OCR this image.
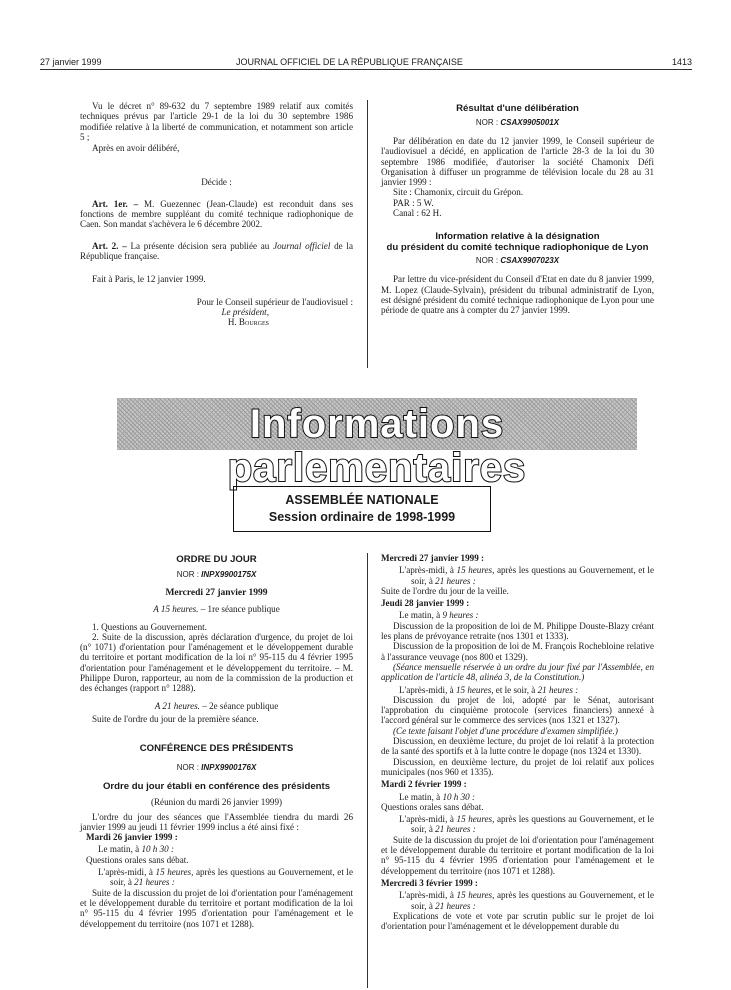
27 janvier 1999	JOURNAL OFFICIEL DE LA RÉPUBLIQUE FRANÇAISE	1413

Vu le décret n° 89-632 du 7 septembre 1989 relatif aux comités techniques prévus par l'article 29-1 de la loi du 30 septembre 1986 modifiée relative à la liberté de communication, et notamment son article 5 ;

Après en avoir délibéré,

Décide :

Art. 1er. – M. Guezennec (Jean-Claude) est reconduit dans ses fonctions de membre suppléant du comité technique radiophonique de Caen. Son mandat s'achèvera le 6 décembre 2002.

Art. 2. – La présente décision sera publiée au Journal officiel de la République française.

Fait à Paris, le 12 janvier 1999.

Pour le Conseil supérieur de l'audiovisuel :

Le président,

H. Bourges

Résultat d'une délibération

NOR : CSAX9905001X

Par délibération en date du 12 janvier 1999, le Conseil supérieur de l'audiovisuel a décidé, en application de l'article 28-3 de la loi du 30 septembre 1986 modifiée, d'autoriser la société Chamonix Défi Organisation à diffuser un programme de télévision locale du 28 au 31 janvier 1999 :

Site : Chamonix, circuit du Grépon.

PAR : 5 W.

Canal : 62 H.

Information relative à la désignation

du président du comité technique radiophonique de Lyon

NOR : CSAX9907023X

Par lettre du vice-président du Conseil d'Etat en date du 8 janvier 1999, M. Lopez (Claude-Sylvain), président du tribunal administratif de Lyon, est désigné président du comité technique radiophonique de Lyon pour une période de quatre ans à compter du 27 janvier 1999.

Informations parlementaires
ASSEMBLÉE NATIONALE
Session ordinaire de 1998-1999

ORDRE DU JOUR

NOR : INPX9900175X

Mercredi 27 janvier 1999

A 15 heures. – 1re séance publique

1. Questions au Gouvernement.

2. Suite de la discussion, après déclaration d'urgence, du projet de loi (n° 1071) d'orientation pour l'aménagement et le développement durable du territoire et portant modification de la loi n° 95-115 du 4 février 1995 d'orientation pour l'aménagement et le développement du territoire. – M. Philippe Duron, rapporteur, au nom de la commission de la production et des échanges (rapport n° 1288).

A 21 heures. – 2e séance publique

Suite de l'ordre du jour de la première séance.

CONFÉRENCE DES PRÉSIDENTS

NOR : INPX9900176X

Ordre du jour établi en conférence des présidents

(Réunion du mardi 26 janvier 1999)

L'ordre du jour des séances que l'Assemblée tiendra du mardi 26 janvier 1999 au jeudi 11 février 1999 inclus a été ainsi fixé :

Mardi 26 janvier 1999 :

Le matin, à 10 h 30 :

Questions orales sans débat.

L'après-midi, à 15 heures, après les questions au Gouvernement, et le soir, à 21 heures :

Suite de la discussion du projet de loi d'orientation pour l'aménagement et le développement durable du territoire et portant modification de la loi n° 95-115 du 4 février 1995 d'orientation pour l'aménagement et le développement du territoire (nos 1071 et 1288).

Mercredi 27 janvier 1999 :

L'après-midi, à 15 heures, après les questions au Gouvernement, et le soir, à 21 heures :

Suite de l'ordre du jour de la veille.

Jeudi 28 janvier 1999 :

Le matin, à 9 heures :

Discussion de la proposition de loi de M. Philippe Douste-Blazy créant les plans de prévoyance retraite (nos 1301 et 1333).

Discussion de la proposition de loi de M. François Rochebloine relative à l'assurance veuvage (nos 800 et 1329).

(Séance mensuelle réservée à un ordre du jour fixé par l'Assemblée, en application de l'article 48, alinéa 3, de la Constitution.)

L'après-midi, à 15 heures, et le soir, à 21 heures :

Discussion du projet de loi, adopté par le Sénat, autorisant l'approbation du cinquième protocole (services financiers) annexé à l'accord général sur le commerce des services (nos 1321 et 1327).

(Ce texte faisant l'objet d'une procédure d'examen simplifiée.)

Discussion, en deuxième lecture, du projet de loi relatif à la protection de la santé des sportifs et à la lutte contre le dopage (nos 1324 et 1330).

Discussion, en deuxième lecture, du projet de loi relatif aux polices municipales (nos 960 et 1335).

Mardi 2 février 1999 :

Le matin, à 10 h 30 :

Questions orales sans débat.

L'après-midi, à 15 heures, après les questions au Gouvernement, et le soir, à 21 heures :

Suite de la discussion du projet de loi d'orientation pour l'aménagement et le développement durable du territoire et portant modification de la loi n° 95-115 du 4 février 1995 d'orientation pour l'aménagement et le développement du territoire (nos 1071 et 1288).

Mercredi 3 février 1999 :

L'après-midi, à 15 heures, après les questions au Gouvernement, et le soir, à 21 heures :

Explications de vote et vote par scrutin public sur le projet de loi d'orientation pour l'aménagement et le développement durable du
